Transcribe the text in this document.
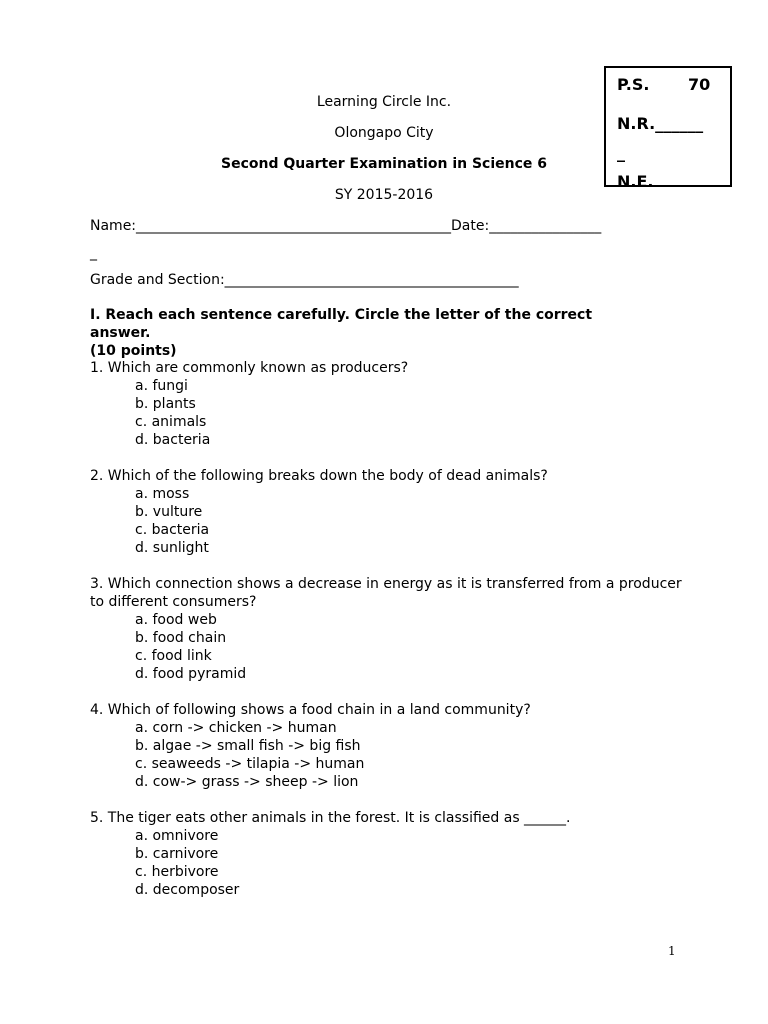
Learning Circle Inc.
Olongapo City
Second Quarter Examination in Science 6
SY 2015-2016
P.S. 70
N.R.______
_
N.E.
Name:_____________________________________________Date:________________
_
Grade and Section:__________________________________________
I. Reach each sentence carefully. Circle the letter of the correct
answer.
(10 points)
1. Which are commonly known as producers?
a. fungi
b. plants
c. animals
d. bacteria
2. Which of the following breaks down the body of dead animals?
a. moss
b. vulture
c. bacteria
d. sunlight
3. Which connection shows a decrease in energy as it is transferred from a producer to different consumers?
a. food web
b. food chain
c. food link
d. food pyramid
4. Which of following shows a food chain in a land community?
a. corn -> chicken -> human
b. algae -> small fish -> big fish
c. seaweeds -> tilapia -> human
d. cow-> grass -> sheep -> lion
5. The tiger eats other animals in the forest. It is classified as ______.
a. omnivore
b. carnivore
c. herbivore
d. decomposer
1
